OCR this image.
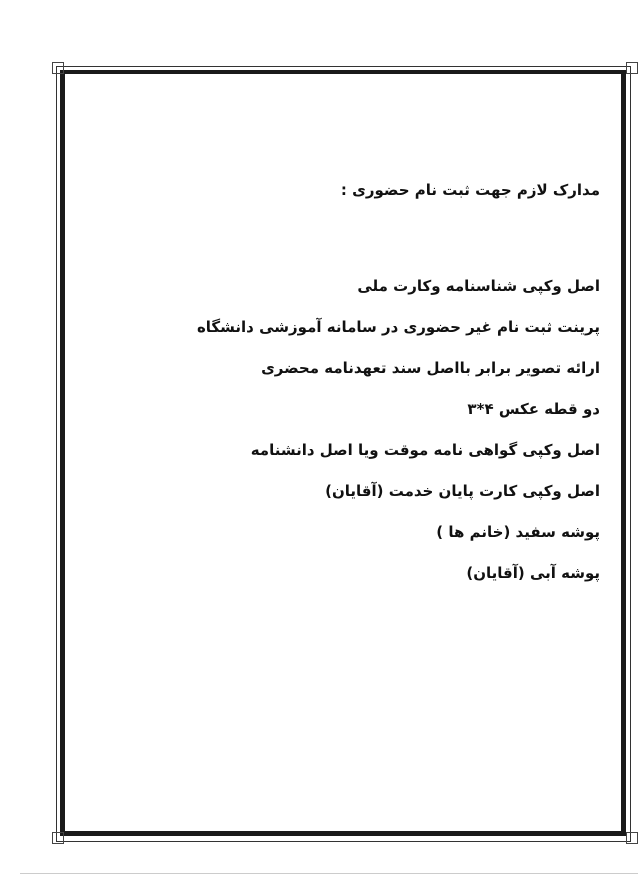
مدارک لازم جهت ثبت نام حضوری :
اصل وکپی شناسنامه وکارت ملی
پرینت ثبت نام غیر حضوری در سامانه آموزشی دانشگاه
ارائه تصویر برابر بااصل سند تعهدنامه محضری
دو قطه عکس ۴*۳
اصل وکپی گواهی نامه موقت ویا اصل دانشنامه
اصل وکپی کارت پایان خدمت (آقایان)
پوشه سفید (خانم ها )
پوشه آبی (آقایان)
